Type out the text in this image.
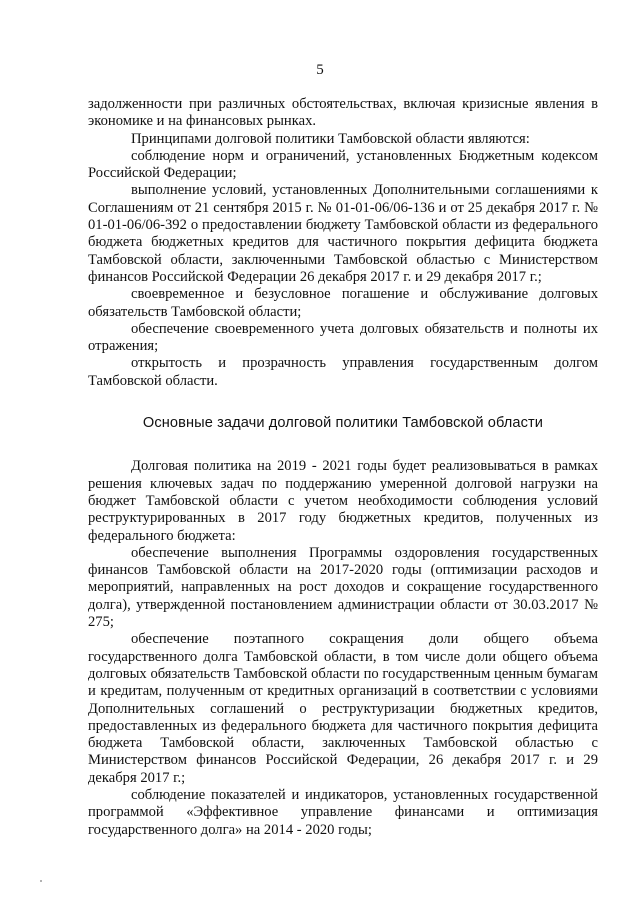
5

задолженности при различных обстоятельствах, включая кризисные явления в экономике и на финансовых рынках.

Принципами долговой политики Тамбовской области являются:

соблюдение норм и ограничений, установленных Бюджетным кодексом Российской Федерации;

выполнение условий, установленных Дополнительными соглашениями к Соглашениям от 21 сентября 2015 г. № 01-01-06/06-136 и от 25 декабря 2017 г. № 01-01-06/06-392 о предоставлении бюджету Тамбовской области из федерального бюджета бюджетных кредитов для частичного покрытия дефицита бюджета Тамбовской области, заключенными Тамбовской областью с Министерством финансов Российской Федерации 26 декабря 2017 г. и 29 декабря 2017 г.;

своевременное и безусловное погашение и обслуживание долговых обязательств Тамбовской области;

обеспечение своевременного учета долговых обязательств и полноты их отражения;

открытость и прозрачность управления государственным долгом Тамбовской области.

Основные задачи долговой политики Тамбовской области

Долговая политика на 2019 - 2021 годы будет реализовываться в рамках решения ключевых задач по поддержанию умеренной долговой нагрузки на бюджет Тамбовской области с учетом необходимости соблюдения условий реструктурированных в 2017 году бюджетных кредитов, полученных из федерального бюджета:

обеспечение выполнения Программы оздоровления государственных финансов Тамбовской области на 2017-2020 годы (оптимизации расходов и мероприятий, направленных на рост доходов и сокращение государственного долга), утвержденной постановлением администрации области от 30.03.2017 № 275;

обеспечение поэтапного сокращения доли общего объема государственного долга Тамбовской области, в том числе доли общего объема долговых обязательств Тамбовской области по государственным ценным бумагам и кредитам, полученным от кредитных организаций в соответствии с условиями Дополнительных соглашений о реструктуризации бюджетных кредитов, предоставленных из федерального бюджета для частичного покрытия дефицита бюджета Тамбовской области, заключенных Тамбовской областью с Министерством финансов Российской Федерации, 26 декабря 2017 г. и 29 декабря 2017 г.;

соблюдение показателей и индикаторов, установленных государственной программой «Эффективное управление финансами и оптимизация государственного долга» на 2014 - 2020 годы;
